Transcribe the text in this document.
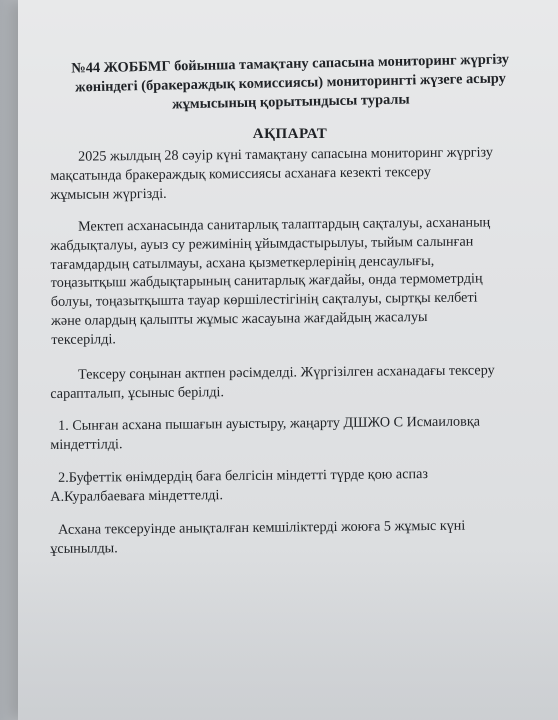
№44 ЖОББМГ бойынша тамақтану сапасына мониторинг жүргізу
жөніндегі (бракераждық комиссиясы) мониторингті жүзеге асыру
жұмысының қорытындысы туралы
АҚПАРАТ
2025 жылдың 28 сәуір күні тамақтану сапасына мониторинг жүргізу
мақсатында бракераждық комиссиясы асханаға кезекті тексеру
жұмысын жүргізді.
Мектеп асханасында санитарлық талаптардың сақталуы, асхананың
жабдықталуы, ауыз су режимінің ұйымдастырылуы, тыйым салынған
тағамдардың сатылмауы, асхана қызметкерлерінің денсаулығы,
тоңазытқыш жабдықтарының санитарлық жағдайы, онда термометрдің
болуы, тоңазытқышта тауар көршілестігінің сақталуы, сыртқы келбеті
және олардың қалыпты жұмыс жасауына жағдайдың жасалуы
тексерілді.
Тексеру соңынан актпен рәсімделді. Жүргізілген асханадағы тексеру
сарапталып, ұсыныс берілді.
1. Сынған асхана пышағын ауыстыру, жаңарту ДШЖО С Исмаиловқа
міндеттілді.
2.Буфеттік өнімдердің баға белгісін міндетті түрде қою аспаз
А.Куралбаеваға міндеттелді.
Асхана тексеруінде анықталған кемшіліктерді жоюға 5 жұмыс күні
ұсынылды.
